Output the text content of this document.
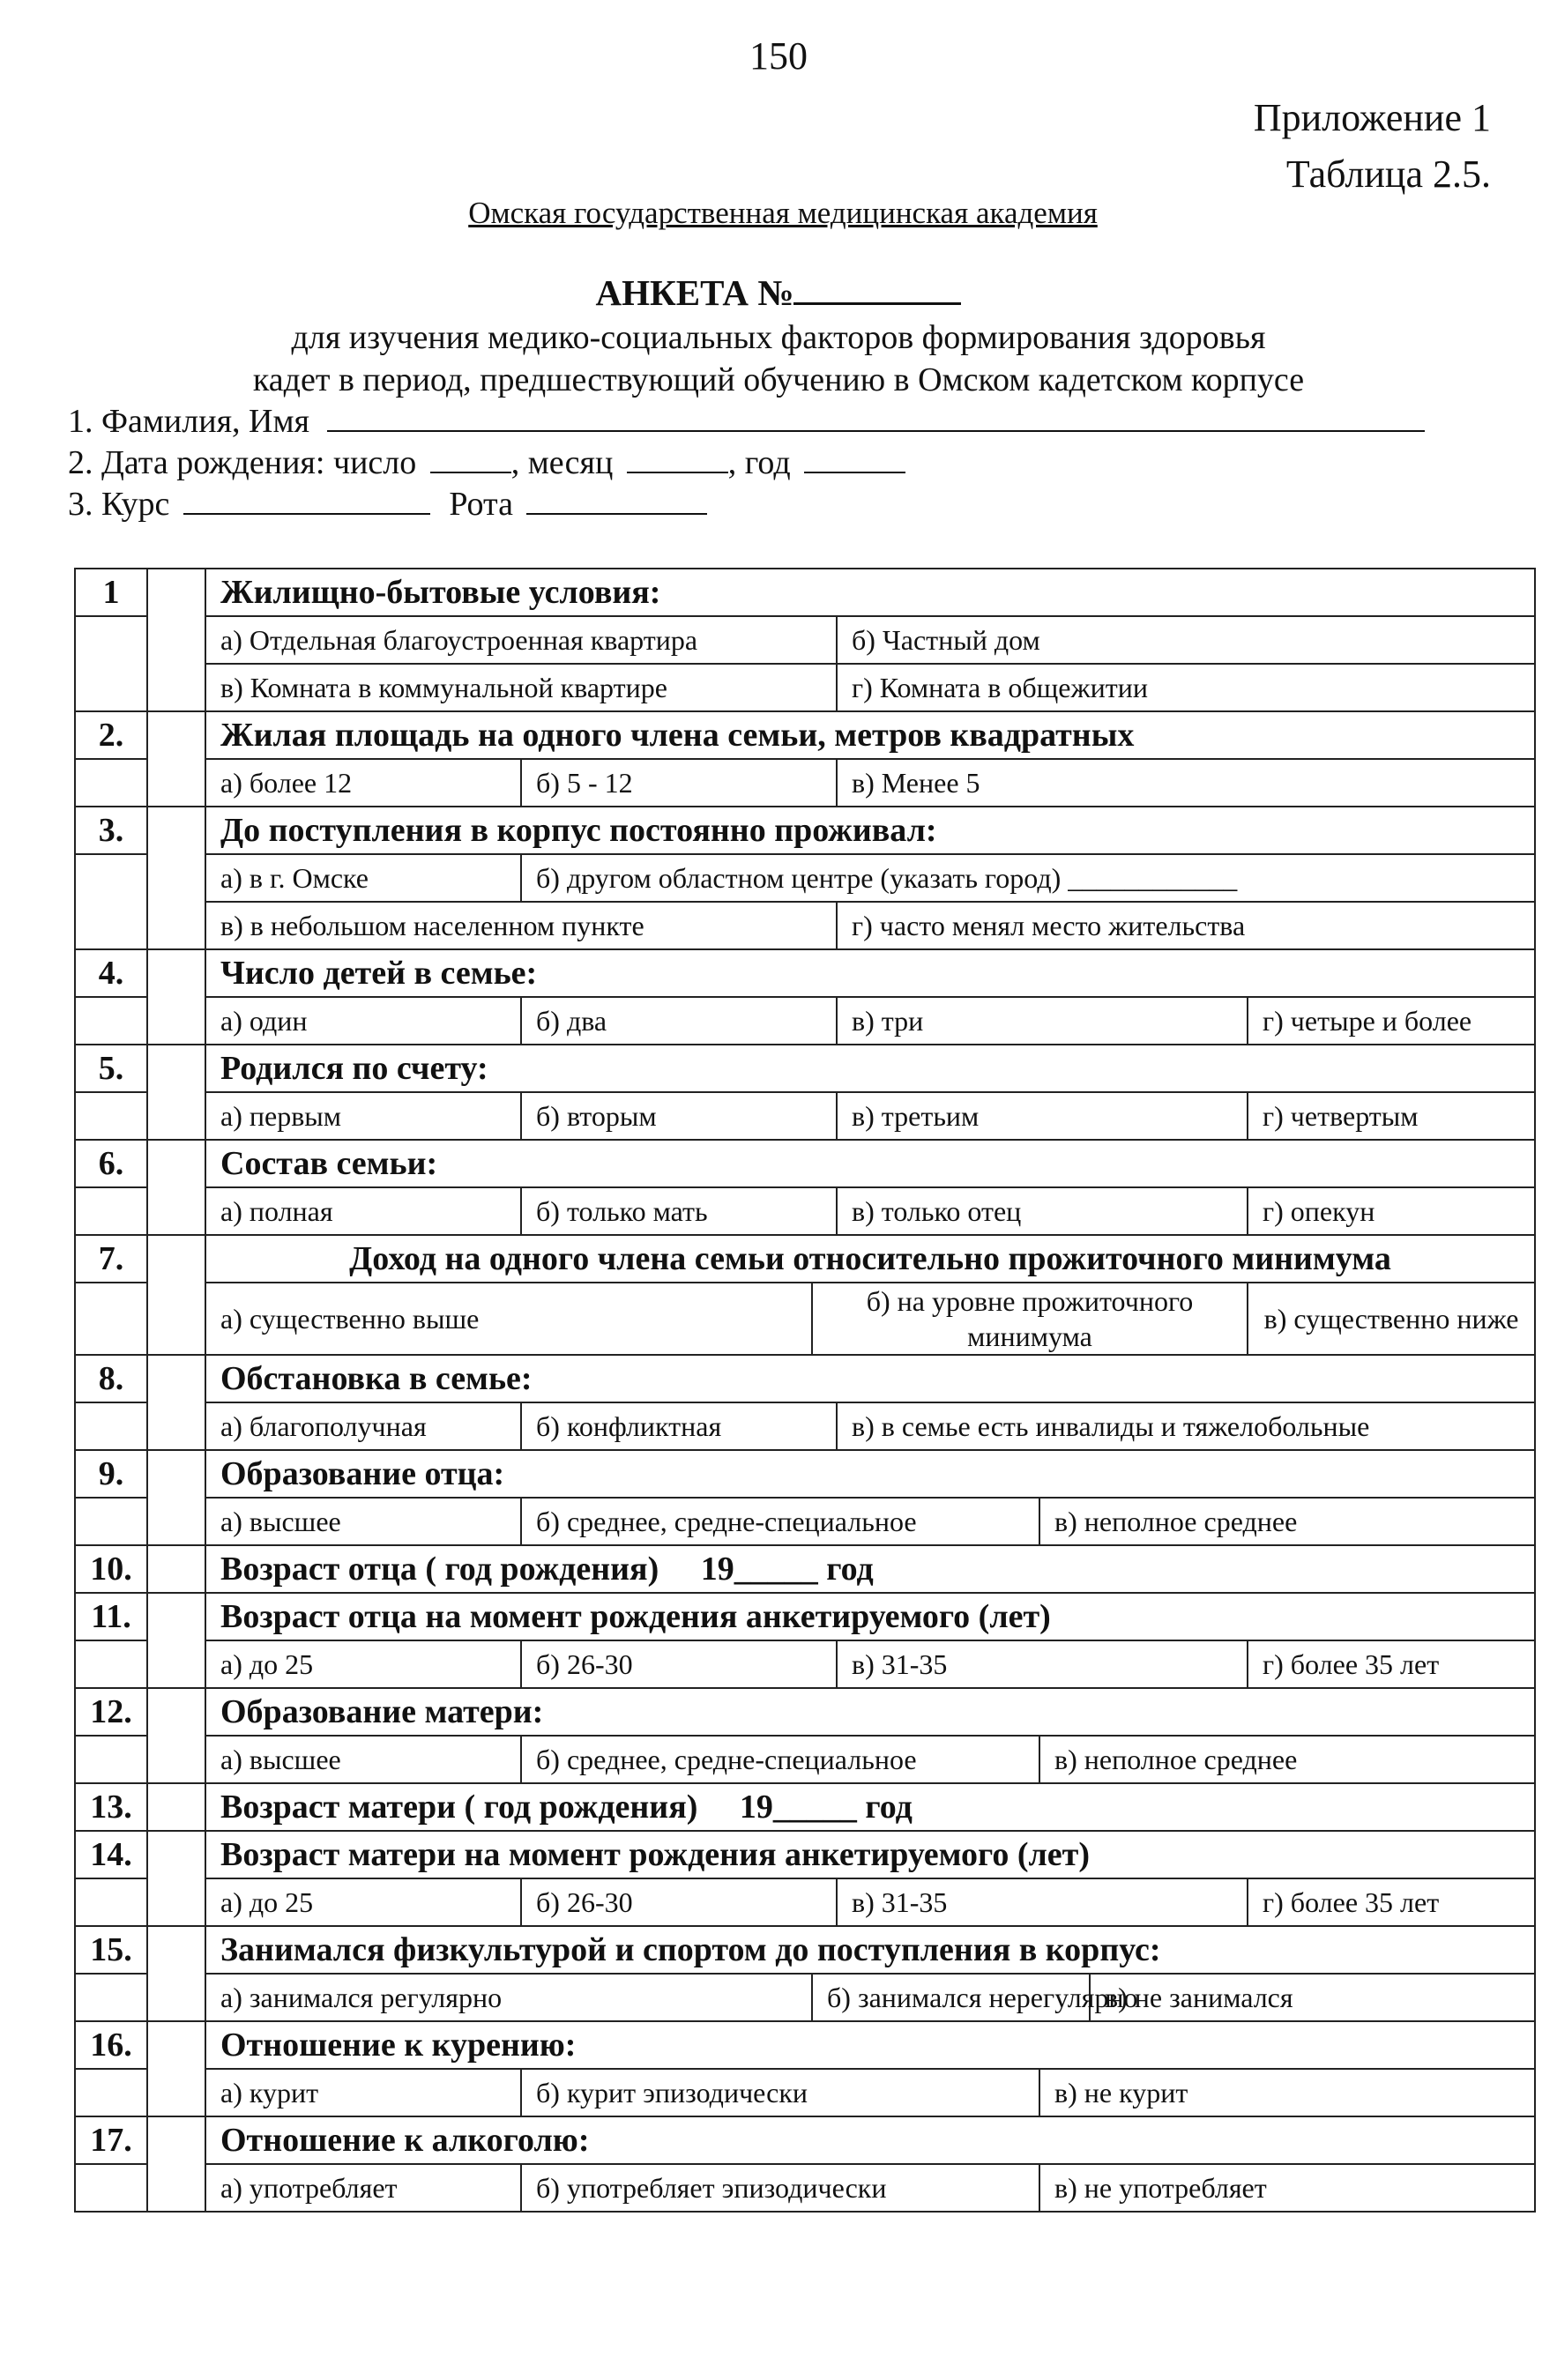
150
Приложение 1
Таблица 2.5.
Омская государственная медицинская академия
АНКЕТА №
для изучения медико-социальных факторов формирования здоровья
кадет в период, предшествующий обучению в Омском кадетском корпусе
1. Фамилия, Имя
2. Дата рождения: число	, месяц	, год
3. Курс	Рота
1		Жилищно-бытовые условия:						
		а) Отдельная благоустроенная квартира			б) Частный дом			
		в) Комната в коммунальной квартире			г) Комната в общежитии			
2.		Жилая площадь на одного члена семьи, метров квадратных						
		а) более 12	б) 5 - 12		в) Менее 5			
3.		До поступления в корпус постоянно проживал:						
		а) в г. Омске	б) другом областном центре (указать город) ____________					
		в) в небольшом населенном пункте			г) часто менял место жительства			
4.		Число детей в семье:						
		а) один	б) два		в) три			г) четыре и более
5.		Родился по счету:						
		а) первым	б) вторым		в) третьим			г) четвертым
6.		Состав семьи:						
		а) полная	б) только мать		в) только отец			г) опекун
7.		Доход на одного члена семьи относительно прожиточного минимума						
		а) существенно выше		б) на уровне прожиточного минимума				в) существенно ниже
8.		Обстановка в семье:						
		а) благополучная	б) конфликтная		в) в семье есть инвалиды и тяжелобольные			
9.		Образование отца:						
		а) высшее	б) среднее, средне-специальное			в) неполное среднее		
10.		Возраст отца ( год рождения)     19_____ год						
11.		Возраст отца на момент рождения анкетируемого (лет)						
		а) до 25	б) 26-30		в) 31-35			г) более 35 лет
12.		Образование матери:						
		а) высшее	б) среднее, средне-специальное			в) неполное среднее		
13.		Возраст матери ( год рождения)     19_____ год						
14.		Возраст матери на момент рождения анкетируемого (лет)						
		а) до 25	б) 26-30		в) 31-35			г) более 35 лет
15.		Занимался физкультурой и спортом до поступления в корпус:						
		а) занимался регулярно		б) занимался нерегулярно			в) не занимался	
16.		Отношение к курению:						
		а) курит	б) курит эпизодически			в) не курит		
17.		Отношение к алкоголю:						
		а) употребляет	б) употребляет эпизодически			в) не употребляет		
